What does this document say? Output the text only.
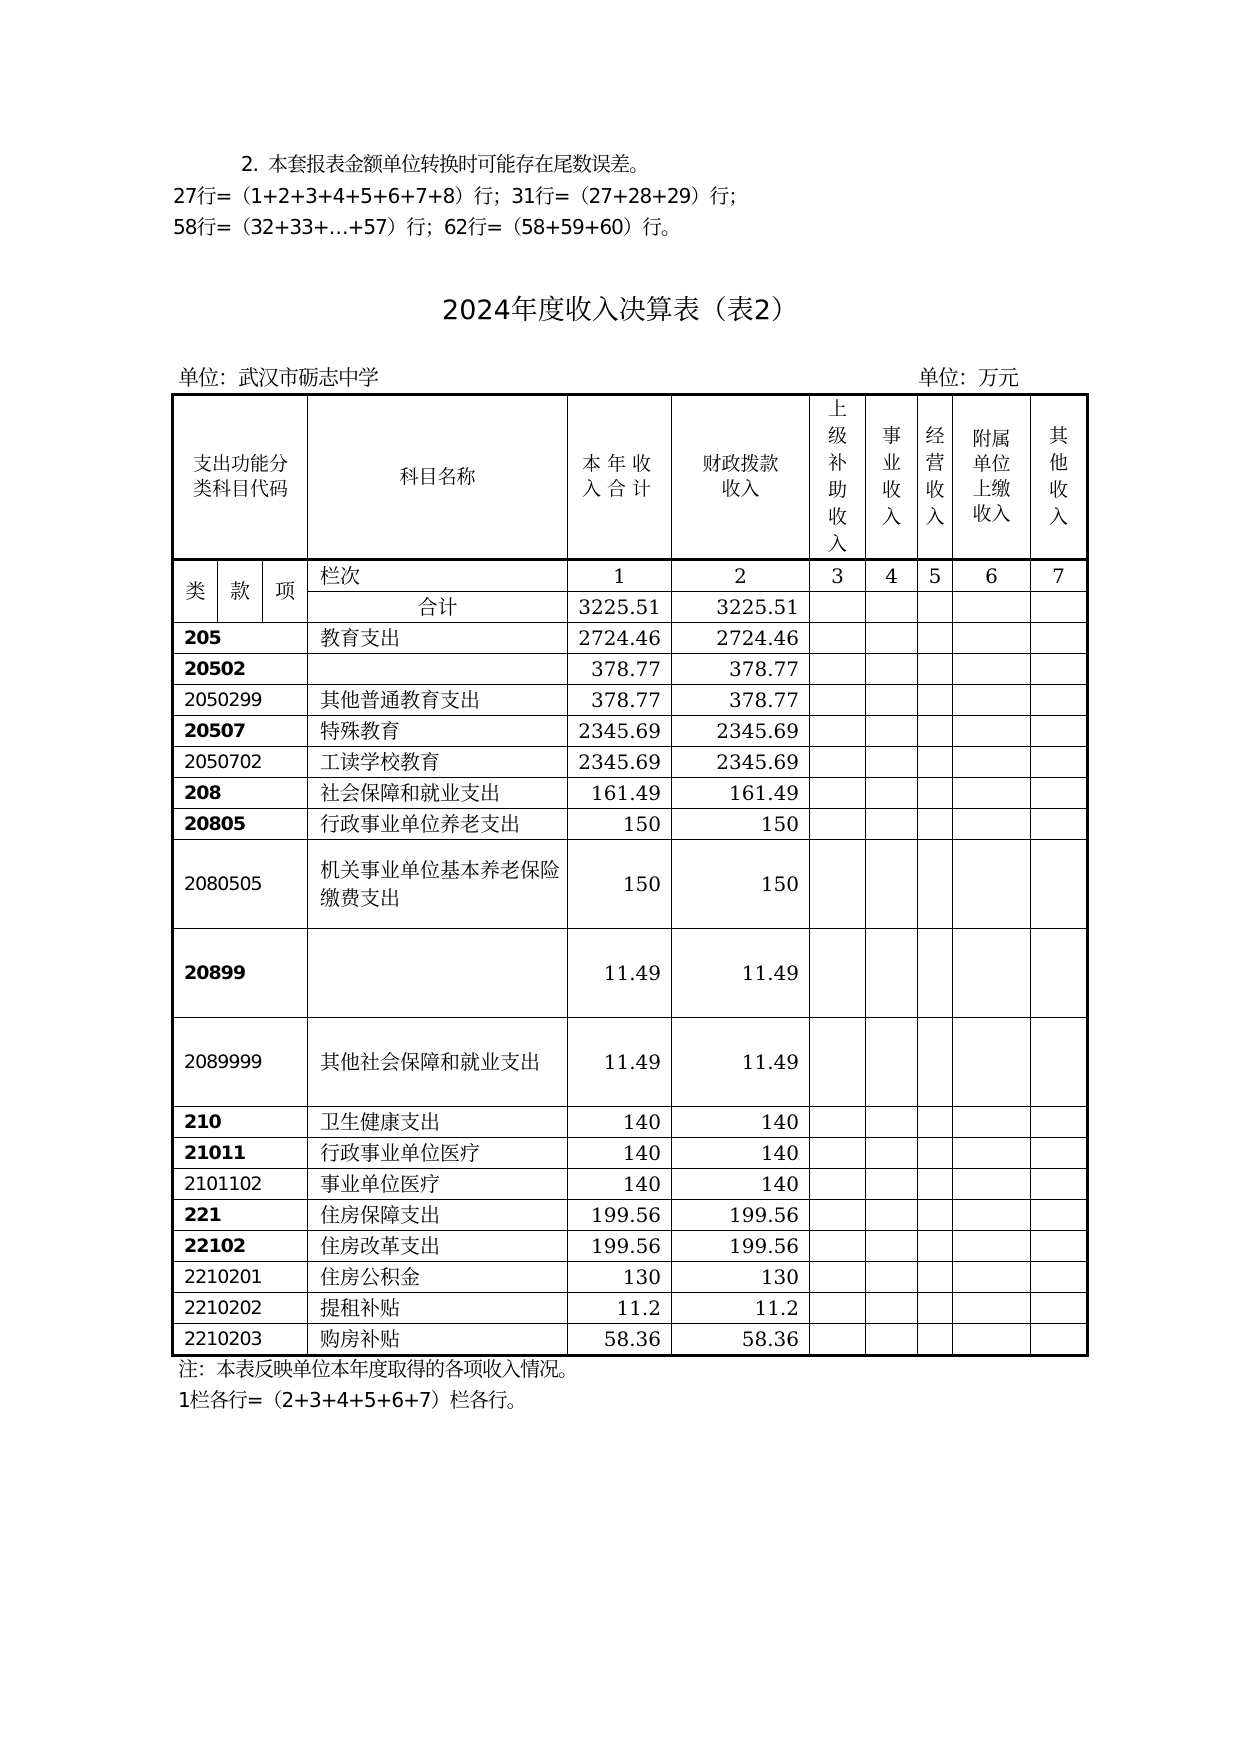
2. 本套报表金额单位转换时可能存在尾数误差。
27行=（1+2+3+4+5+6+7+8）行；31行=（27+28+29）行；
58行=（32+33+…+57）行；62行=（58+59+60）行。
2024年度收入决算表（表2）
单位：武汉市砺志中学	单位：万元
支出功能分类科目代码			科目名称	本年收入合计	财政拨款收入	上级补助收入	事业收入	经营收入	附属单位上缴收入	其他收入
类	款	项	栏次	1	2	3	4	5	6	7
			合计	3225.51	3225.51					
205			教育支出	2724.46	2724.46					
20502				378.77	378.77					
2050299			其他普通教育支出	378.77	378.77					
20507			特殊教育	2345.69	2345.69					
2050702			工读学校教育	2345.69	2345.69					
208			社会保障和就业支出	161.49	161.49					
20805			行政事业单位养老支出	150	150					
2080505			机关事业单位基本养老保险缴费支出	150	150					
20899				11.49	11.49					
2089999			其他社会保障和就业支出	11.49	11.49					
210			卫生健康支出	140	140					
21011			行政事业单位医疗	140	140					
2101102			事业单位医疗	140	140					
221			住房保障支出	199.56	199.56					
22102			住房改革支出	199.56	199.56					
2210201			住房公积金	130	130					
2210202			提租补贴	11.2	11.2					
2210203			购房补贴	58.36	58.36					
注：本表反映单位本年度取得的各项收入情况。
1栏各行=（2+3+4+5+6+7）栏各行。
